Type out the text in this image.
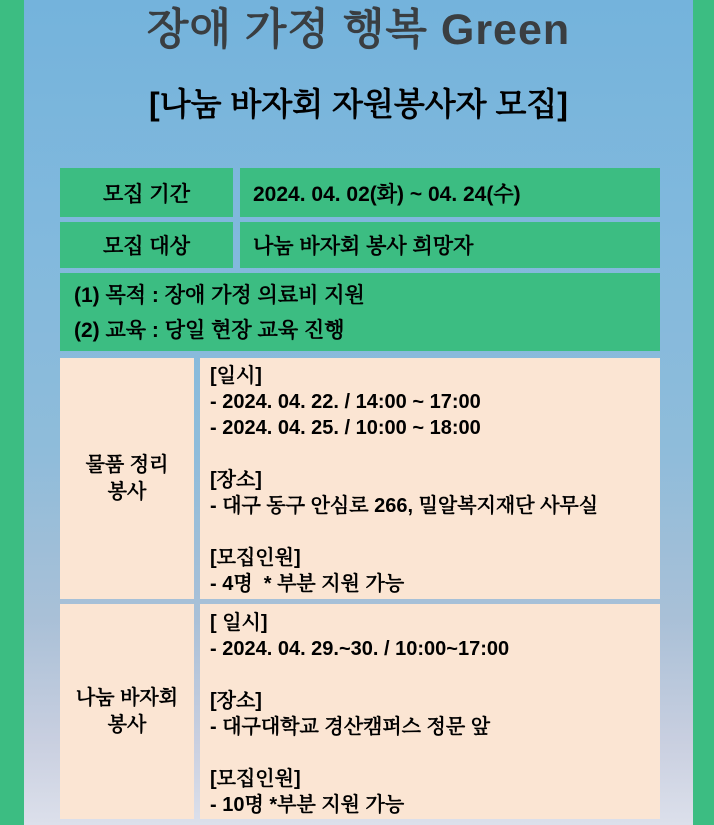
장애 가정 행복 Green
[나눔 바자회 자원봉사자 모집]
모집 기간	2024. 04. 02(화) ~ 04. 24(수)
모집 대상	나눔 바자회 봉사 희망자
(1) 목적 : 장애 가정 의료비 지원
(2) 교육 : 당일 현장 교육 진행
물품 정리
봉사
[일시]
- 2024. 04. 22. / 14:00 ~ 17:00
- 2024. 04. 25. / 10:00 ~ 18:00
[장소]
- 대구 동구 안심로 266, 밀알복지재단 사무실
[모집인원]
- 4명  * 부분 지원 가능
나눔 바자회
봉사
[ 일시]
- 2024. 04. 29.~30. / 10:00~17:00
[장소]
- 대구대학교 경산캠퍼스 정문 앞
[모집인원]
- 10명 *부분 지원 가능
